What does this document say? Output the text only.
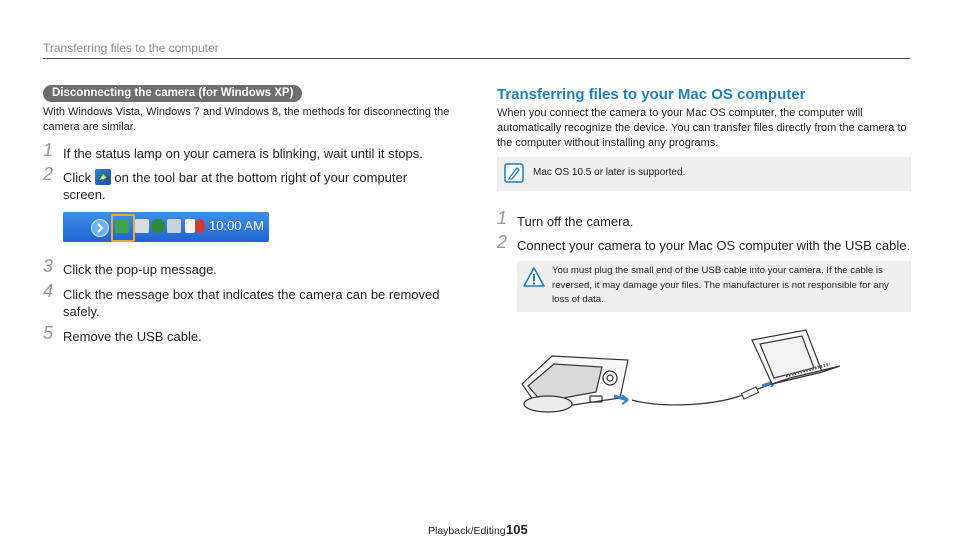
Transferring files to the computer
Disconnecting the camera (for Windows XP)
With Windows Vista, Windows 7 and Windows 8, the methods for disconnecting the camera are similar.
1 If the status lamp on your camera is blinking, wait until it stops.
2 Click on the tool bar at the bottom right of your computer
screen.
10:00 AM
3 Click the pop-up message.
4 Click the message box that indicates the camera can be removed
safely.
5 Remove the USB cable.
Transferring files to your Mac OS computer
When you connect the camera to your Mac OS computer, the computer will automatically recognize the device. You can transfer files directly from the camera to the computer without installing any programs.
Mac OS 10.5 or later is supported.
1 Turn off the camera.
2 Connect your camera to your Mac OS computer with the USB cable.
You must plug the small end of the USB cable into your camera. If the cable is reversed, it may damage your files. The manufacturer is not responsible for any loss of data.
Playback/Editing 105
